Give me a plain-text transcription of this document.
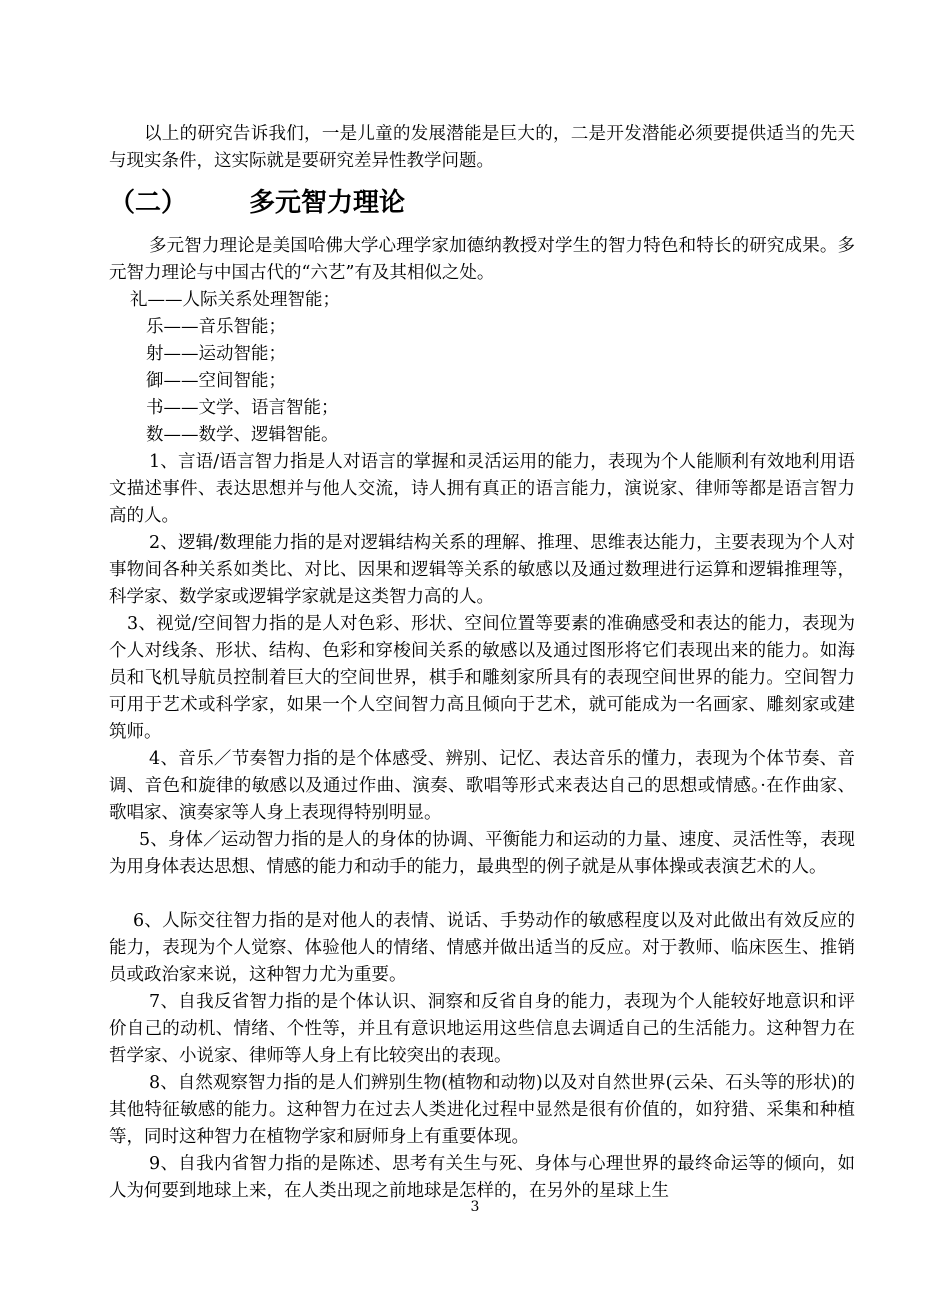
以上的研究告诉我们，一是儿童的发展潜能是巨大的，二是开发潜能必须要提供适当的先天与现实条件，这实际就是要研究差异性教学问题。

（二） 多元智力理论

多元智力理论是美国哈佛大学心理学家加德纳教授对学生的智力特色和特长的研究成果。多元智力理论与中国古代的“六艺”有及其相似之处。

礼——人际关系处理智能；

乐——音乐智能；

射——运动智能；

御——空间智能；

书——文学、语言智能；

数——数学、逻辑智能。

1、言语/语言智力指是人对语言的掌握和灵活运用的能力，表现为个人能顺利有效地利用语文描述事件、表达思想并与他人交流，诗人拥有真正的语言能力，演说家、律师等都是语言智力高的人。

2、逻辑/数理能力指的是对逻辑结构关系的理解、推理、思维表达能力，主要表现为个人对事物间各种关系如类比、对比、因果和逻辑等关系的敏感以及通过数理进行运算和逻辑推理等，科学家、数学家或逻辑学家就是这类智力高的人。

3、视觉/空间智力指的是人对色彩、形状、空间位置等要素的准确感受和表达的能力，表现为个人对线条、形状、结构、色彩和穿梭间关系的敏感以及通过图形将它们表现出来的能力。如海员和飞机导航员控制着巨大的空间世界，棋手和雕刻家所具有的表现空间世界的能力。空间智力可用于艺术或科学家，如果一个人空间智力高且倾向于艺术，就可能成为一名画家、雕刻家或建筑师。

4、音乐／节奏智力指的是个体感受、辨别、记忆、表达音乐的懂力，表现为个体节奏、音调、音色和旋律的敏感以及通过作曲、演奏、歌唱等形式来表达自己的思想或情感。·在作曲家、歌唱家、演奏家等人身上表现得特别明显。

5、身体／运动智力指的是人的身体的协调、平衡能力和运动的力量、速度、灵活性等，表现为用身体表达思想、情感的能力和动手的能力，最典型的例子就是从事体操或表演艺术的人。

6、人际交往智力指的是对他人的表情、说话、手势动作的敏感程度以及对此做出有效反应的能力，表现为个人觉察、体验他人的情绪、情感并做出适当的反应。对于教师、临床医生、推销员或政治家来说，这种智力尤为重要。

7、自我反省智力指的是个体认识、洞察和反省自身的能力，表现为个人能较好地意识和评价自己的动机、情绪、个性等，并且有意识地运用这些信息去调适自己的生活能力。这种智力在哲学家、小说家、律师等人身上有比较突出的表现。

8、自然观察智力指的是人们辨别生物(植物和动物)以及对自然世界(云朵、石头等的形状)的其他特征敏感的能力。这种智力在过去人类进化过程中显然是很有价值的，如狩猎、采集和种植等，同时这种智力在植物学家和厨师身上有重要体现。

9、自我内省智力指的是陈述、思考有关生与死、身体与心理世界的最终命运等的倾向，如人为何要到地球上来，在人类出现之前地球是怎样的，在另外的星球上生

3
